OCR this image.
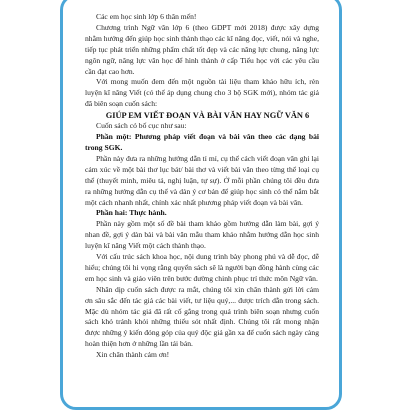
Các em học sinh lớp 6 thân mến!

Chương trình Ngữ văn lớp 6 (theo GDPT mới 2018) được xây dựng nhằm hướng đến giúp học sinh thành thạo các kĩ năng đọc, viết, nói và nghe, tiếp tục phát triển những phẩm chất tốt đẹp và các năng lực chung, năng lực ngôn ngữ, năng lực văn học để hình thành ở cấp Tiểu học với các yêu cầu cần đạt cao hơn.

Với mong muốn đem đến một nguồn tài liệu tham khảo hữu ích, rèn luyện kĩ năng Viết (có thể áp dụng chung cho 3 bộ SGK mới), nhóm tác giả đã biên soạn cuốn sách:

GIÚP EM VIẾT ĐOẠN VÀ BÀI VĂN HAY NGỮ VĂN 6

Cuốn sách có bố cục như sau:

Phần một: Phương pháp viết đoạn và bài văn theo các dạng bài trong SGK.

Phần này đưa ra những hướng dẫn tỉ mỉ, cụ thể cách viết đoạn văn ghi lại cảm xúc về một bài thơ lục bát/ bài thơ và viết bài văn theo từng thể loại cụ thể (thuyết minh, miêu tả, nghị luận, tự sự). Ở mỗi phần chúng tôi đều đưa ra những hướng dẫn cụ thể và dàn ý cơ bản để giúp học sinh có thể nắm bắt một cách nhanh nhất, chính xác nhất phương pháp viết đoạn và bài văn.

Phần hai: Thực hành.

Phần này gồm một số đề bài tham khảo gồm hướng dẫn làm bài, gợi ý nhan đề, gợi ý dàn bài và bài văn mẫu tham khảo nhằm hướng dẫn học sinh luyện kĩ năng Viết một cách thành thạo.

Với cấu trúc sách khoa học, nội dung trình bày phong phú và dễ đọc, dễ hiểu; chúng tôi hi vọng rằng quyển sách sẽ là người bạn đồng hành cùng các em học sinh và giáo viên trên bước đường chinh phục trí thức môn Ngữ văn.

Nhân dịp cuốn sách được ra mắt, chúng tôi xin chân thành gửi lời cảm ơn sâu sắc đến tác giả các bài viết, tư liệu quý,... được trích dẫn trong sách. Mặc dù nhóm tác giả đã rất cố gắng trong quá trình biên soạn nhưng cuốn sách khó tránh khỏi những thiếu sót nhất định. Chúng tôi rất mong nhận được những ý kiến đóng góp của quý độc giả gần xa để cuốn sách ngày càng hoàn thiện hơn ở những lần tái bản.

Xin chân thành cảm ơn!
